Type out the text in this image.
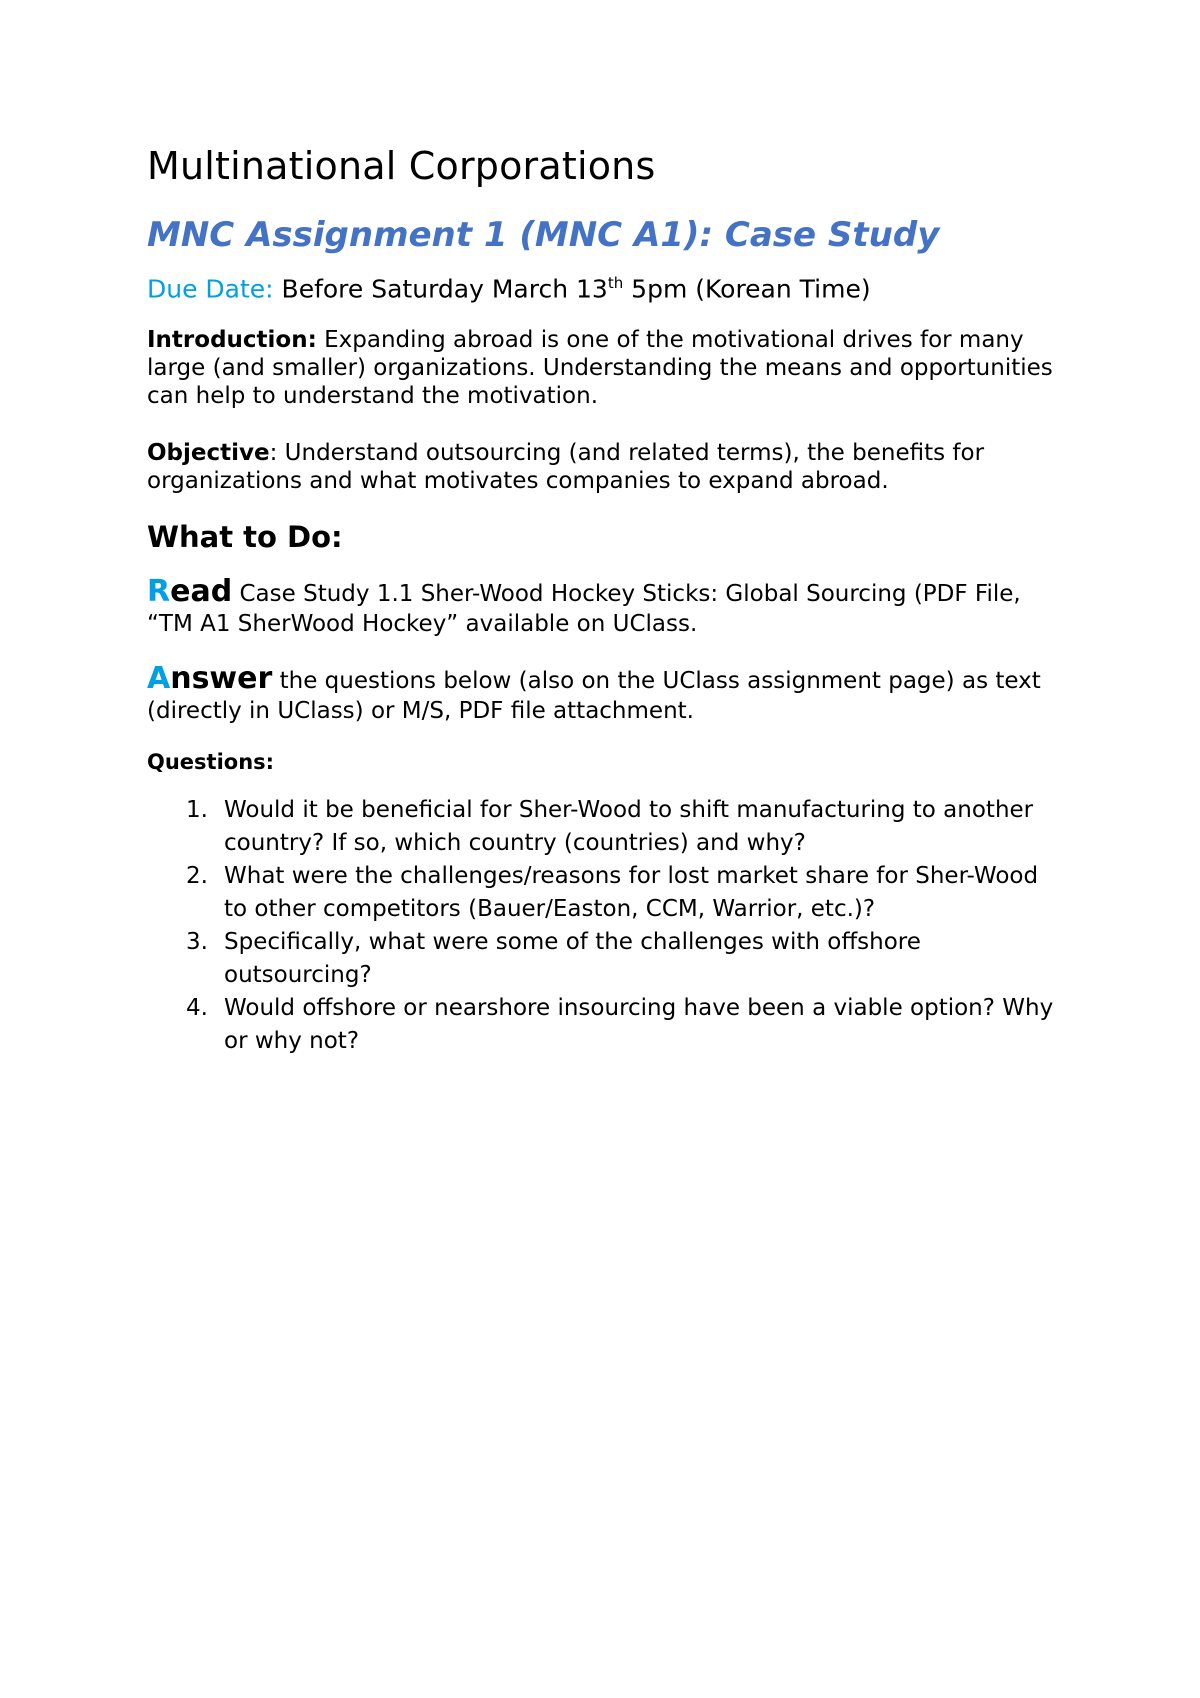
Multinational Corporations
MNC Assignment 1 (MNC A1): Case Study

Due Date: Before Saturday March 13th 5pm (Korean Time)

Introduction: Expanding abroad is one of the motivational drives for many large (and smaller) organizations. Understanding the means and opportunities can help to understand the motivation.

Objective: Understand outsourcing (and related terms), the benefits for organizations and what motivates companies to expand abroad.

What to Do:

Read Case Study 1.1 Sher-Wood Hockey Sticks: Global Sourcing (PDF File, “TM A1 SherWood Hockey” available on UClass.

Answer the questions below (also on the UClass assignment page) as text (directly in UClass) or M/S, PDF file attachment.

Questions:

1. Would it be beneficial for Sher-Wood to shift manufacturing to another country? If so, which country (countries) and why?
2. What were the challenges/reasons for lost market share for Sher-Wood to other competitors (Bauer/Easton, CCM, Warrior, etc.)?
3. Specifically, what were some of the challenges with offshore outsourcing?
4. Would offshore or nearshore insourcing have been a viable option? Why or why not?
